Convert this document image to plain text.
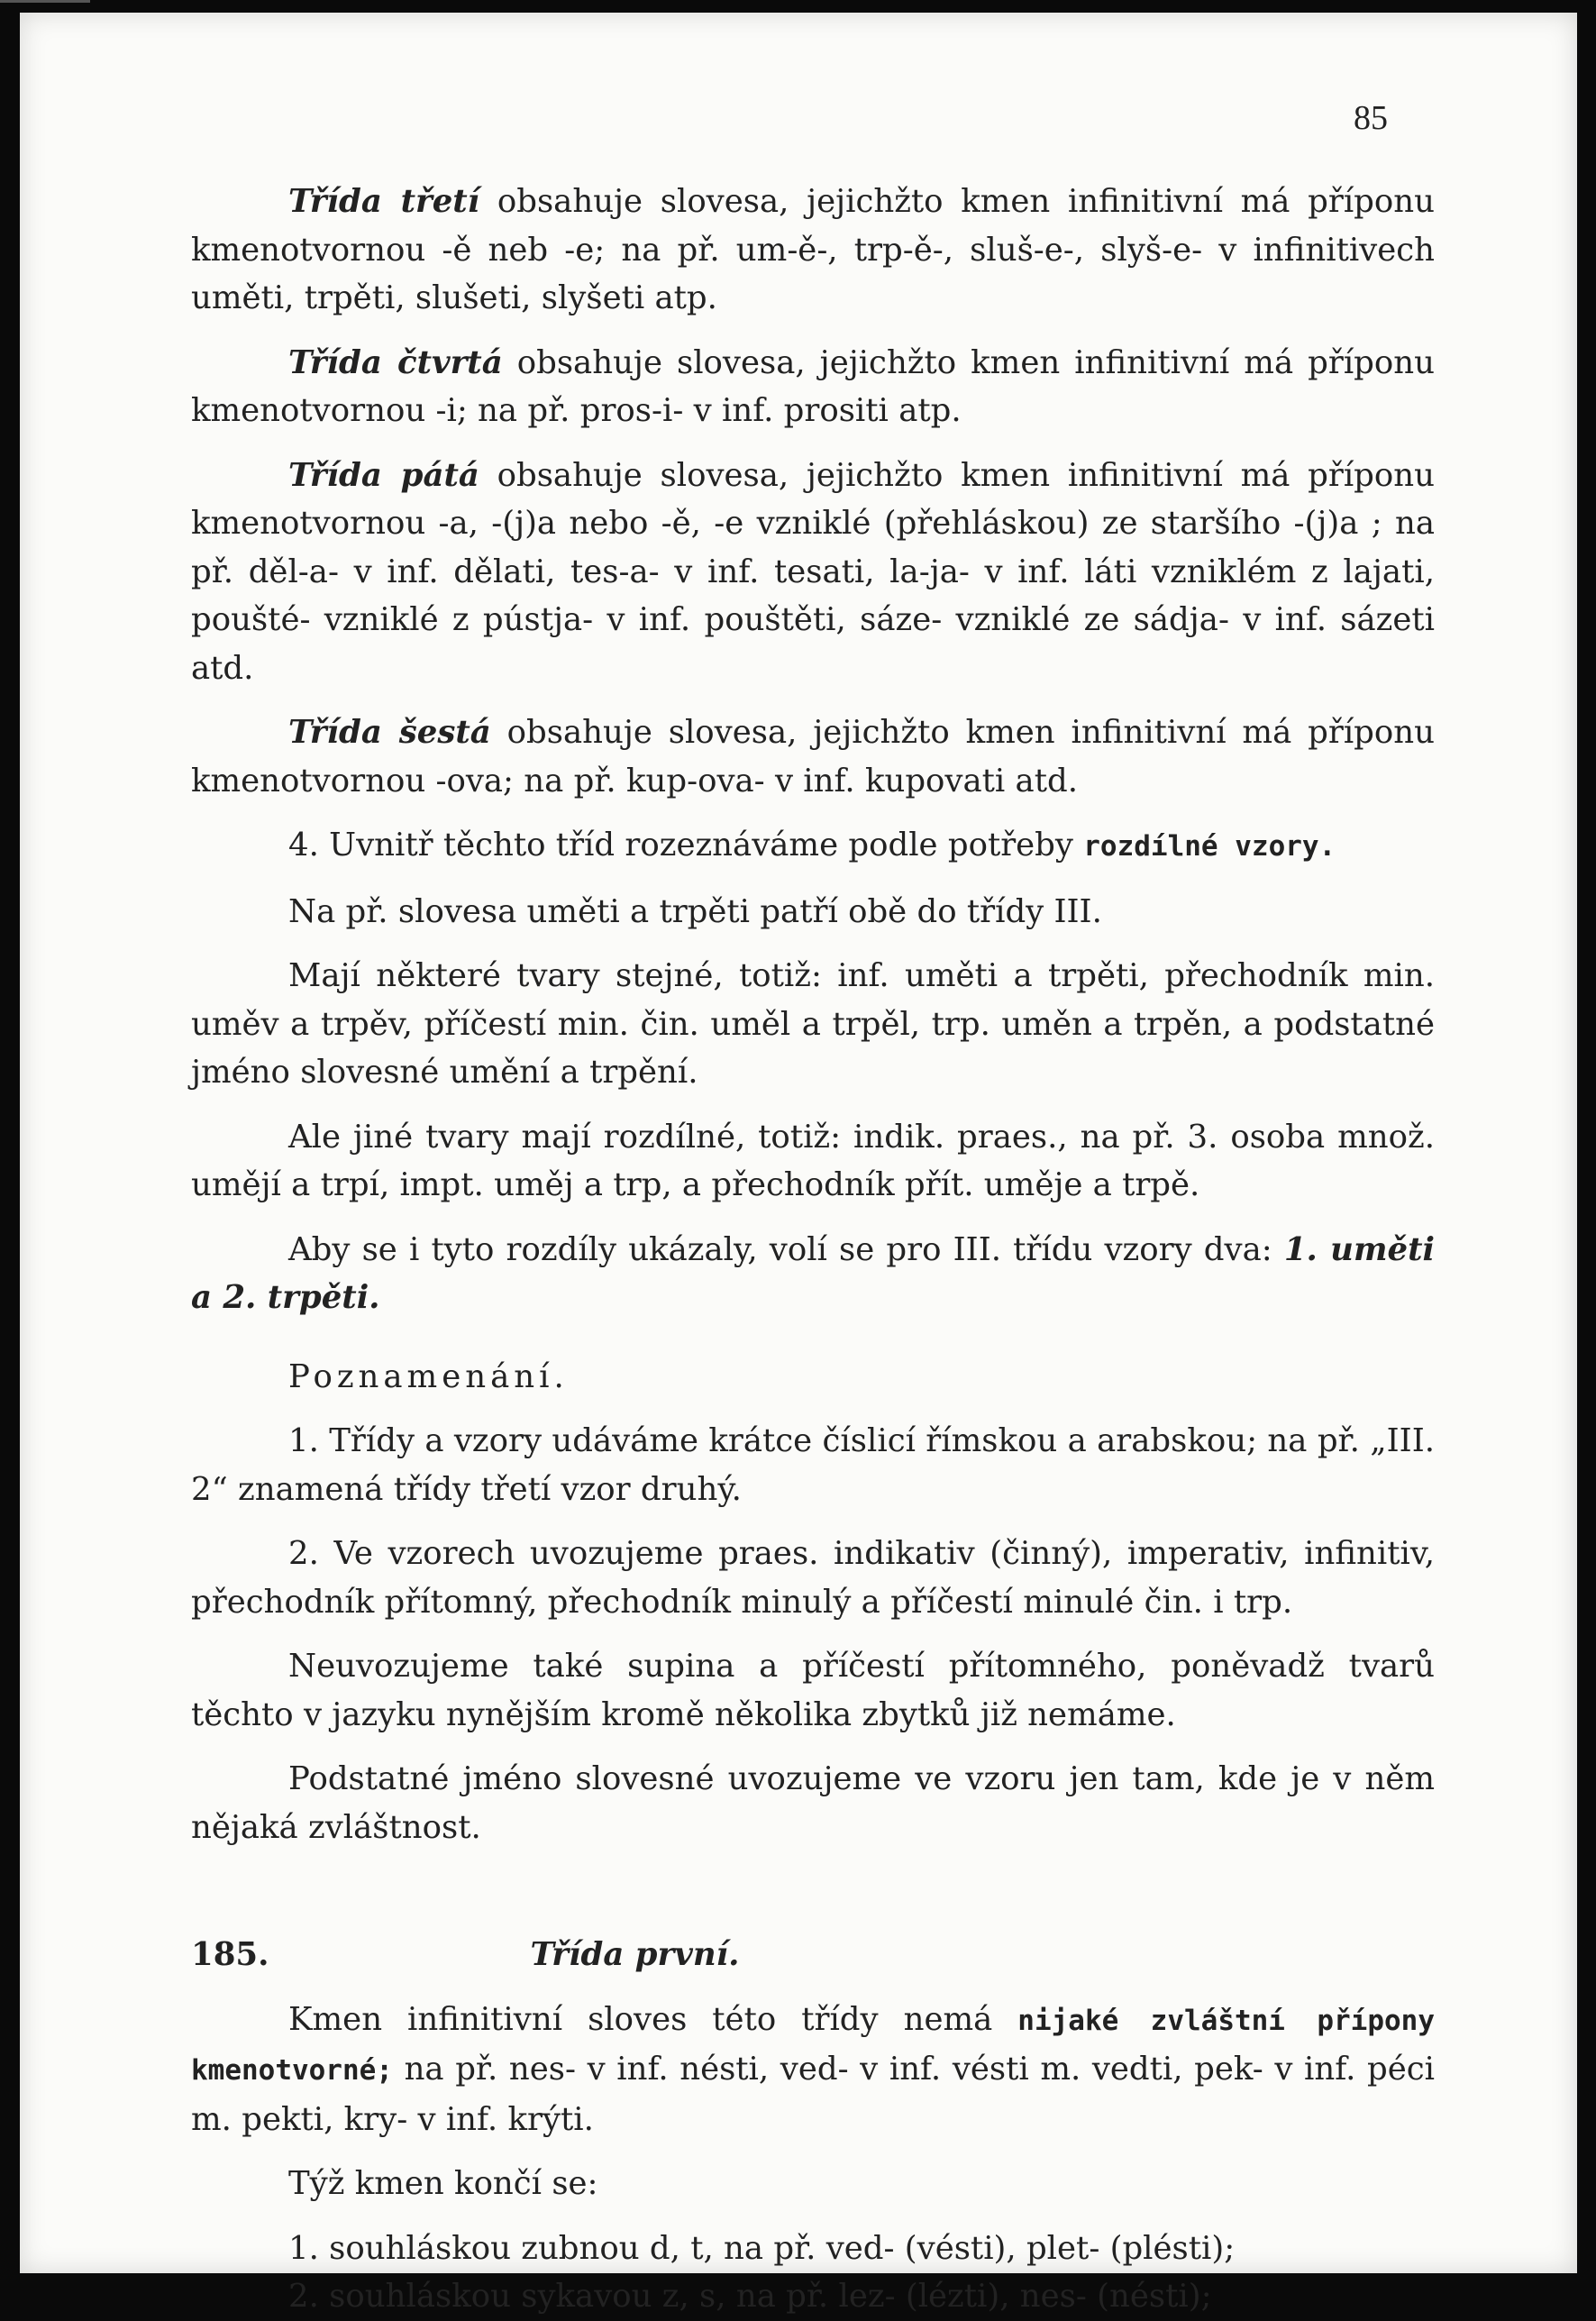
85

Třída třetí obsahuje slovesa, jejichžto kmen infinitivní má příponu kmenotvornou -ě neb -e; na př. um-ě-, trp-ě-, sluš-e-, slyš-e- v infinitivech uměti, trpěti, slušeti, slyšeti atp.

Třída čtvrtá obsahuje slovesa, jejichžto kmen infinitivní má příponu kmenotvornou -i; na př. pros-i- v inf. prositi atp.

Třída pátá obsahuje slovesa, jejichžto kmen infinitivní má příponu kmenotvornou -a, -(j)a nebo -ě, -e vzniklé (přehláskou) ze staršího -(j)a ; na př. děl-a- v inf. dělati, tes-a- v inf. tesati, la-ja- v inf. láti vzniklém z lajati, poušté- vzniklé z pústja- v inf. pouštěti, sáze- vzniklé ze sádja- v inf. sázeti atd.

Třída šestá obsahuje slovesa, jejichžto kmen infinitivní má příponu kmenotvornou -ova; na př. kup-ova- v inf. kupovati atd.

4. Uvnitř těchto tříd rozeznáváme podle potřeby rozdílné vzory.

Na př. slovesa uměti a trpěti patří obě do třídy III.

Mají některé tvary stejné, totiž: inf. uměti a trpěti, přechodník min. uměv a trpěv, příčestí min. čin. uměl a trpěl, trp. uměn a trpěn, a podstatné jméno slovesné umění a trpění.

Ale jiné tvary mají rozdílné, totiž: indik. praes., na př. 3. osoba množ. umějí a trpí, impt. uměj a trp, a přechodník přít. uměje a trpě.

Aby se i tyto rozdíly ukázaly, volí se pro III. třídu vzory dva: 1. uměti a 2. trpěti.

Poznamenání.

1. Třídy a vzory udáváme krátce číslicí římskou a arabskou; na př. „III. 2“ znamená třídy třetí vzor druhý.

2. Ve vzorech uvozujeme praes. indikativ (činný), imperativ, infinitiv, přechodník přítomný, přechodník minulý a příčestí minulé čin. i trp.

Neuvozujeme také supina a příčestí přítomného, poněvadž tvarů těchto v jazyku nynějším kromě několika zbytků již nemáme.

Podstatné jméno slovesné uvozujeme ve vzoru jen tam, kde je v něm nějaká zvláštnost.

185.	Třída první.

Kmen infinitivní sloves této třídy nemá nijaké zvláštní přípony kmenotvorné; na př. nes- v inf. nésti, ved- v inf. vésti m. vedti, pek- v inf. péci m. pekti, kry- v inf. krýti.

Týž kmen končí se:

1. souhláskou zubnou d, t, na př. ved- (vésti), plet- (plésti);

2. souhláskou sykavou z, s, na př. lez- (lézti), nes- (nésti);
